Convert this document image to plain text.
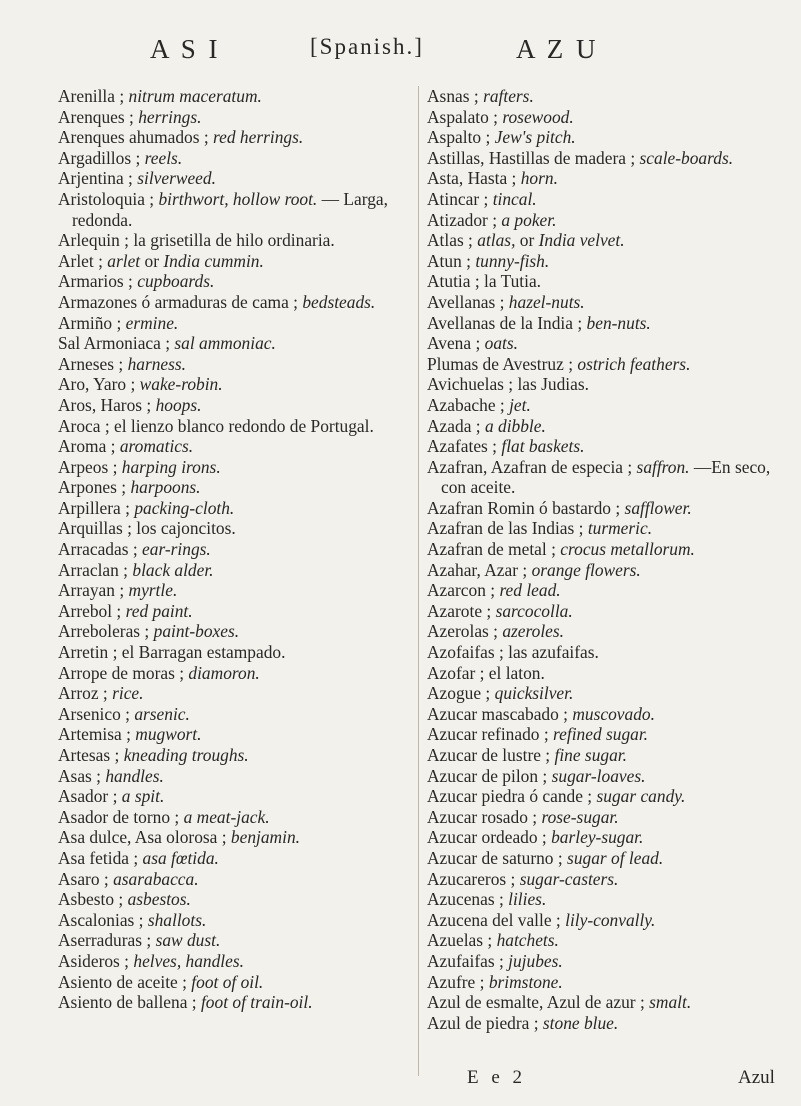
A S I	[Spanish.]	A Z U

Arenilla ; nitrum maceratum.

Arenques ; herrings.

Arenques ahumados ; red herrings.

Argadillos ; reels.

Arjentina ; silverweed.

Aristoloquia ; birthwort, hollow root. — Larga, redonda.

Arlequin ; la grisetilla de hilo ordinaria.

Arlet ; arlet or India cummin.

Armarios ; cupboards.

Armazones ó armaduras de cama ; bedsteads.

Armiño ; ermine.

Sal Armoniaca ; sal ammoniac.

Arneses ; harness.

Aro, Yaro ; wake-robin.

Aros, Haros ; hoops.

Aroca ; el lienzo blanco redondo de Portugal.

Aroma ; aromatics.

Arpeos ; harping irons.

Arpones ; harpoons.

Arpillera ; packing-cloth.

Arquillas ; los cajoncitos.

Arracadas ; ear-rings.

Arraclan ; black alder.

Arrayan ; myrtle.

Arrebol ; red paint.

Arreboleras ; paint-boxes.

Arretin ; el Barragan estampado.

Arrope de moras ; diamoron.

Arroz ; rice.

Arsenico ; arsenic.

Artemisa ; mugwort.

Artesas ; kneading troughs.

Asas ; handles.

Asador ; a spit.

Asador de torno ; a meat-jack.

Asa dulce, Asa olorosa ; benjamin.

Asa fetida ; asa fœtida.

Asaro ; asarabacca.

Asbesto ; asbestos.

Ascalonias ; shallots.

Aserraduras ; saw dust.

Asideros ; helves, handles.

Asiento de aceite ; foot of oil.

Asiento de ballena ; foot of train-oil.

Asnas ; rafters.

Aspalato ; rosewood.

Aspalto ; Jew's pitch.

Astillas, Hastillas de madera ; scale-boards.

Asta, Hasta ; horn.

Atincar ; tincal.

Atizador ; a poker.

Atlas ; atlas, or India velvet.

Atun ; tunny-fish.

Atutia ; la Tutia.

Avellanas ; hazel-nuts.

Avellanas de la India ; ben-nuts.

Avena ; oats.

Plumas de Avestruz ; ostrich feathers.

Avichuelas ; las Judias.

Azabache ; jet.

Azada ; a dibble.

Azafates ; flat baskets.

Azafran, Azafran de especia ; saffron. —En seco, con aceite.

Azafran Romin ó bastardo ; safflower.

Azafran de las Indias ; turmeric.

Azafran de metal ; crocus metallorum.

Azahar, Azar ; orange flowers.

Azarcon ; red lead.

Azarote ; sarcocolla.

Azerolas ; azeroles.

Azofaifas ; las azufaifas.

Azofar ; el laton.

Azogue ; quicksilver.

Azucar mascabado ; muscovado.

Azucar refinado ; refined sugar.

Azucar de lustre ; fine sugar.

Azucar de pilon ; sugar-loaves.

Azucar piedra ó cande ; sugar candy.

Azucar rosado ; rose-sugar.

Azucar ordeado ; barley-sugar.

Azucar de saturno ; sugar of lead.

Azucareros ; sugar-casters.

Azucenas ; lilies.

Azucena del valle ; lily-convally.

Azuelas ; hatchets.

Azufaifas ; jujubes.

Azufre ; brimstone.

Azul de esmalte, Azul de azur ; smalt.

Azul de piedra ; stone blue.

E e 2	Azul
